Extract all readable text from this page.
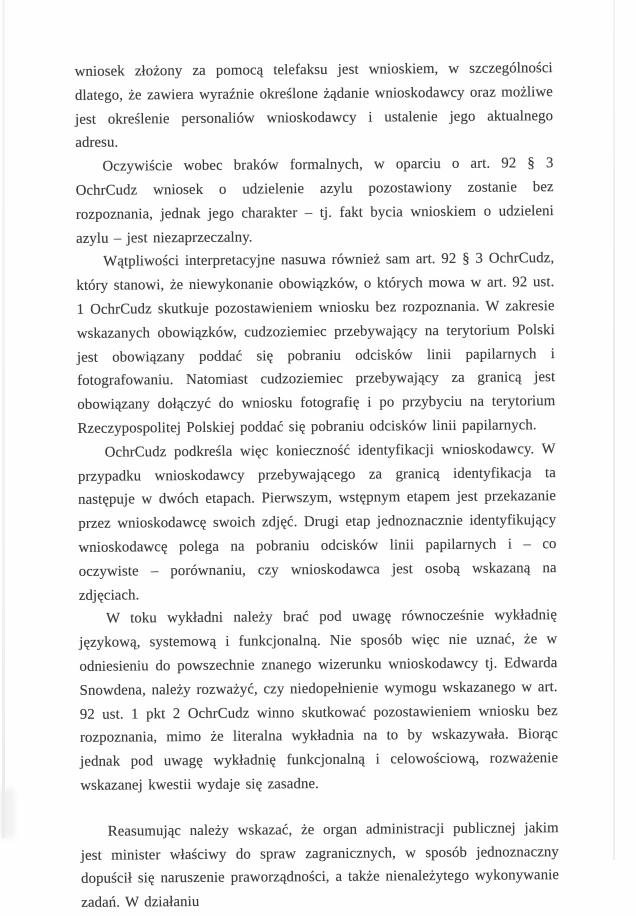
wniosek złożony za pomocą telefaksu jest wnioskiem, w szczególności dlatego, że zawiera wyraźnie określone żądanie wnioskodawcy oraz możliwe jest określenie personaliów wnioskodawcy i ustalenie jego aktualnego adresu.

Oczywiście wobec braków formalnych, w oparciu o art. 92 § 3 OchrCudz wniosek o udzielenie azylu pozostawiony zostanie bez rozpoznania, jednak jego charakter – tj. fakt bycia wnioskiem o udzieleni azylu – jest niezaprzeczalny.

Wątpliwości interpretacyjne nasuwa również sam art. 92 § 3 OchrCudz, który stanowi, że niewykonanie obowiązków, o których mowa w art. 92 ust. 1 OchrCudz skutkuje pozostawieniem wniosku bez rozpoznania. W zakresie wskazanych obowiązków, cudzoziemiec przebywający na terytorium Polski jest obowiązany poddać się pobraniu odcisków linii papilarnych i fotografowaniu. Natomiast cudzoziemiec przebywający za granicą jest obowiązany dołączyć do wniosku fotografię i po przybyciu na terytorium Rzeczypospolitej Polskiej poddać się pobraniu odcisków linii papilarnych.

OchrCudz podkreśla więc konieczność identyfikacji wnioskodawcy. W przypadku wnioskodawcy przebywającego za granicą identyfikacja ta następuje w dwóch etapach. Pierwszym, wstępnym etapem jest przekazanie przez wnioskodawcę swoich zdjęć. Drugi etap jednoznacznie identyfikujący wnioskodawcę polega na pobraniu odcisków linii papilarnych i – co oczywiste – porównaniu, czy wnioskodawca jest osobą wskazaną na zdjęciach.

W toku wykładni należy brać pod uwagę równocześnie wykładnię językową, systemową i funkcjonalną. Nie sposób więc nie uznać, że w odniesieniu do powszechnie znanego wizerunku wnioskodawcy tj. Edwarda Snowdena, należy rozważyć, czy niedopełnienie wymogu wskazanego w art. 92 ust. 1 pkt 2 OchrCudz winno skutkować pozostawieniem wniosku bez rozpoznania, mimo że literalna wykładnia na to by wskazywała. Biorąc jednak pod uwagę wykładnię funkcjonalną i celowościową, rozważenie wskazanej kwestii wydaje się zasadne.

Reasumując należy wskazać, że organ administracji publicznej jakim jest minister właściwy do spraw zagranicznych, w sposób jednoznaczny dopuścił się naruszenie praworządności, a także nienależytego wykonywanie zadań. W działaniu
